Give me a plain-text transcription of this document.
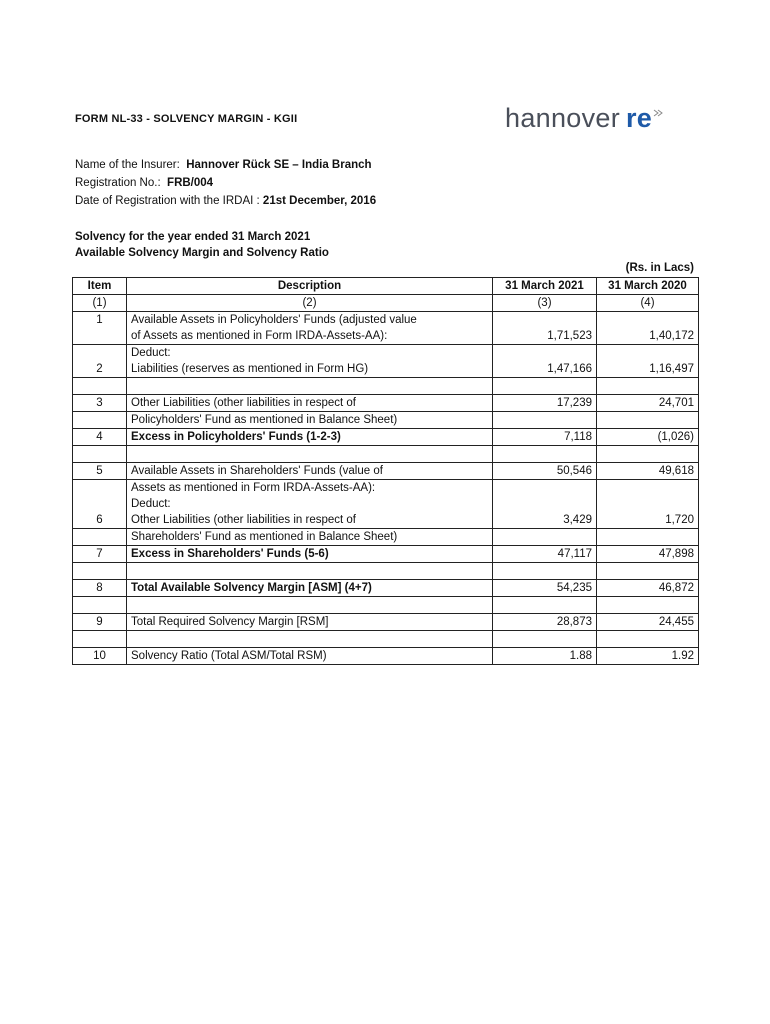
FORM NL-33 - SOLVENCY MARGIN - KGII	hannover re
Name of the Insurer: Hannover Rück SE – India Branch
Registration No.: FRB/004
Date of Registration with the IRDAI : 21st December, 2016
Solvency for the year ended 31 March 2021
Available Solvency Margin and Solvency Ratio
(Rs. in Lacs)
Item	Description	31 March 2021	31 March 2020
(1)	(2)	(3)	(4)
1	Available Assets in Policyholders' Funds (adjusted value		
	of Assets as mentioned in Form IRDA-Assets-AA):	1,71,523	1,40,172
	Deduct:		
2	Liabilities (reserves as mentioned in Form HG)	1,47,166	1,16,497

3	Other Liabilities (other liabilities in respect of	17,239	24,701
	Policyholders' Fund as mentioned in Balance Sheet)		
4	Excess in Policyholders' Funds (1-2-3)	7,118	(1,026)

5	Available Assets in Shareholders' Funds (value of	50,546	49,618
	Assets as mentioned in Form IRDA-Assets-AA):		
	Deduct:		
6	Other Liabilities (other liabilities in respect of	3,429	1,720
	Shareholders' Fund as mentioned in Balance Sheet)		
7	Excess in Shareholders' Funds (5-6)	47,117	47,898

8	Total Available Solvency Margin [ASM] (4+7)	54,235	46,872

9	Total Required Solvency Margin [RSM]	28,873	24,455

10	Solvency Ratio (Total ASM/Total RSM)	1.88	1.92
